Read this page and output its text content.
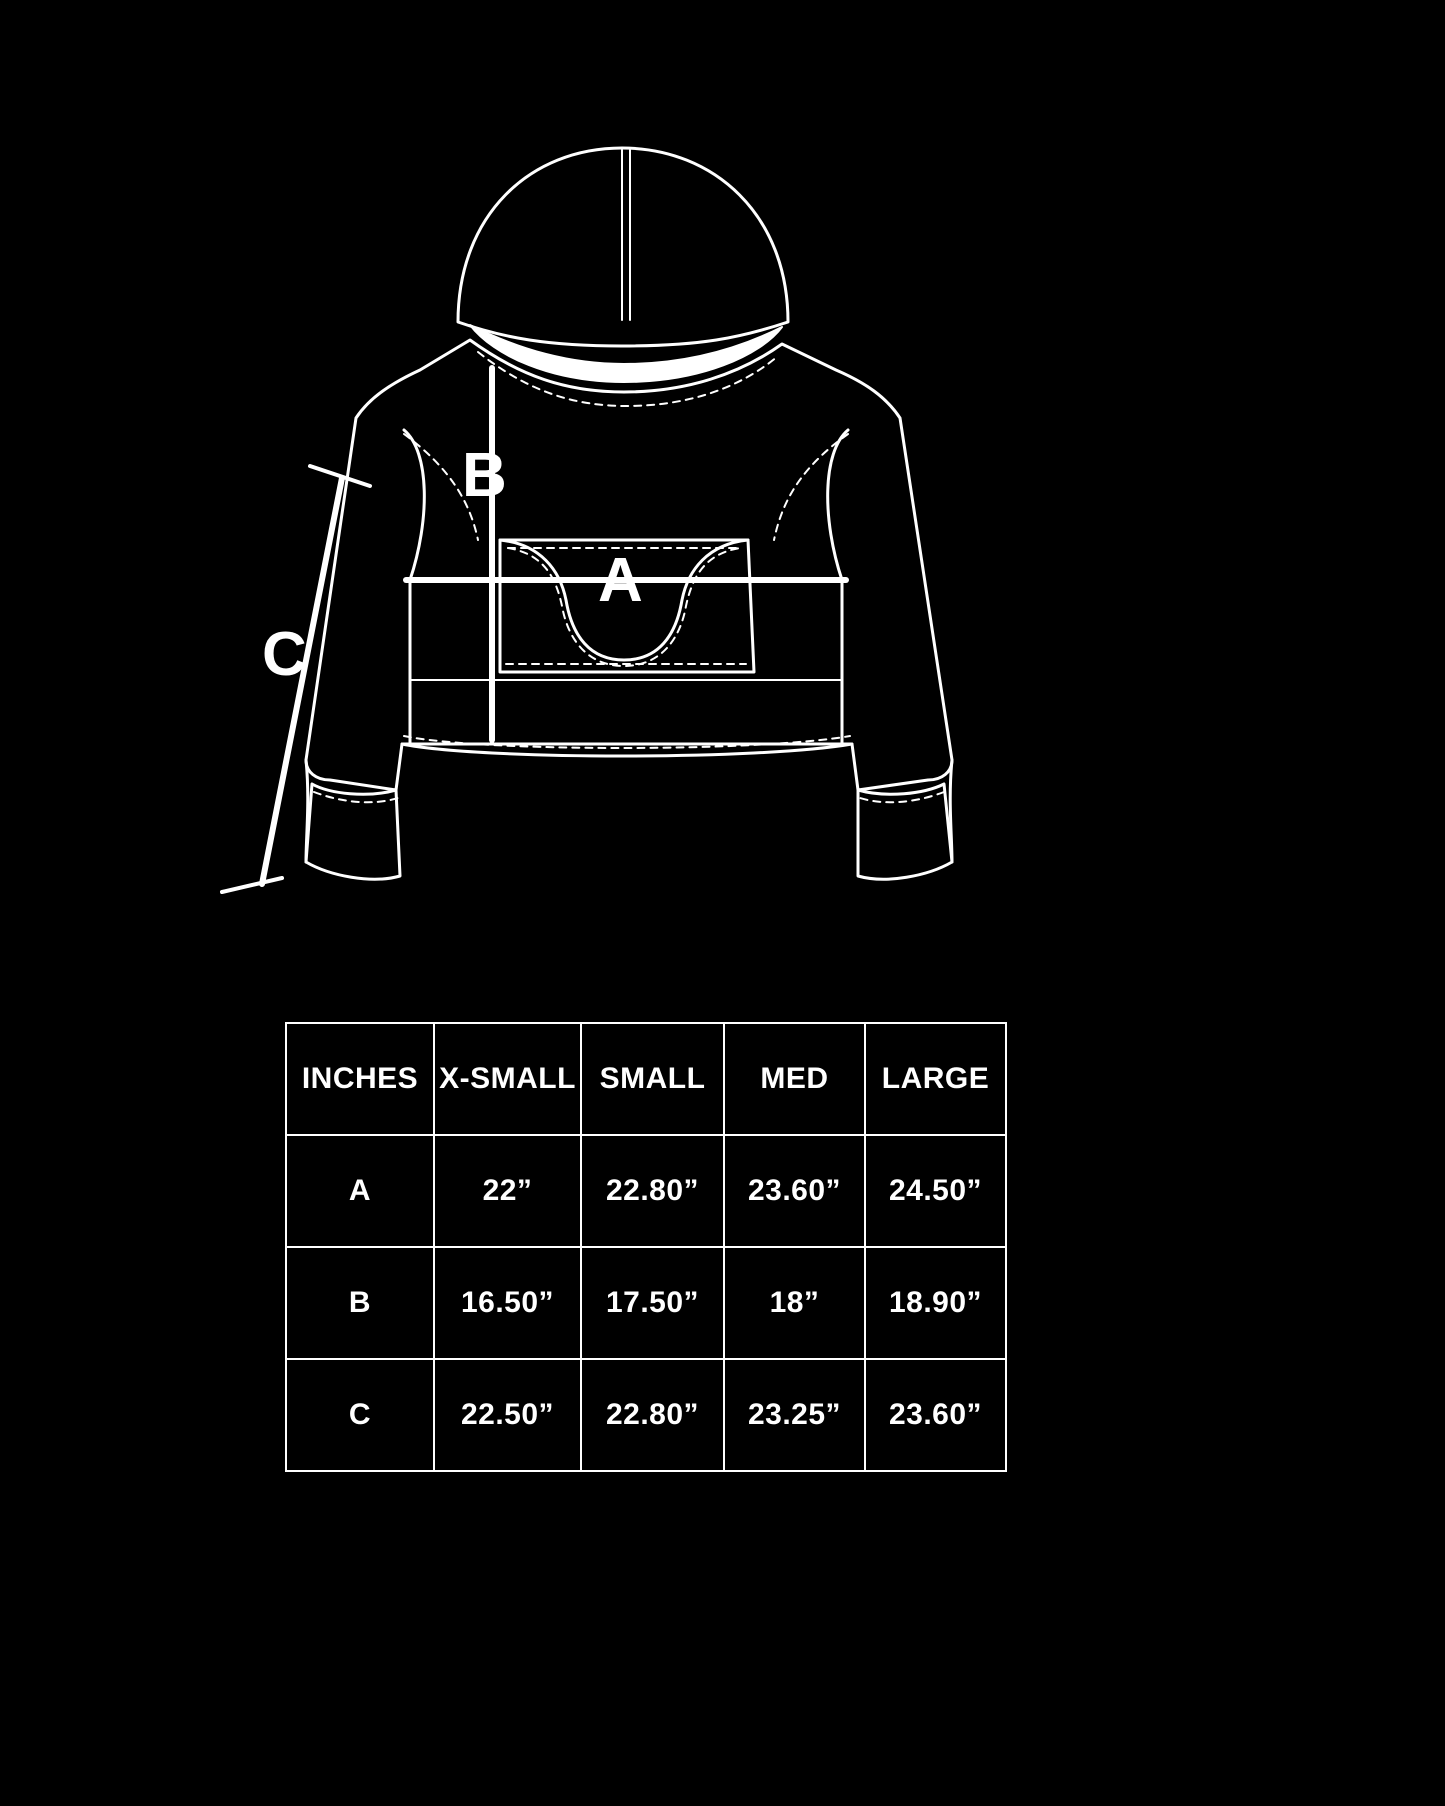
A
B
C
INCHES	X-SMALL	SMALL	MED	LARGE
A	22”	22.80”	23.60”	24.50”
B	16.50”	17.50”	18”	18.90”
C	22.50”	22.80”	23.25”	23.60”
